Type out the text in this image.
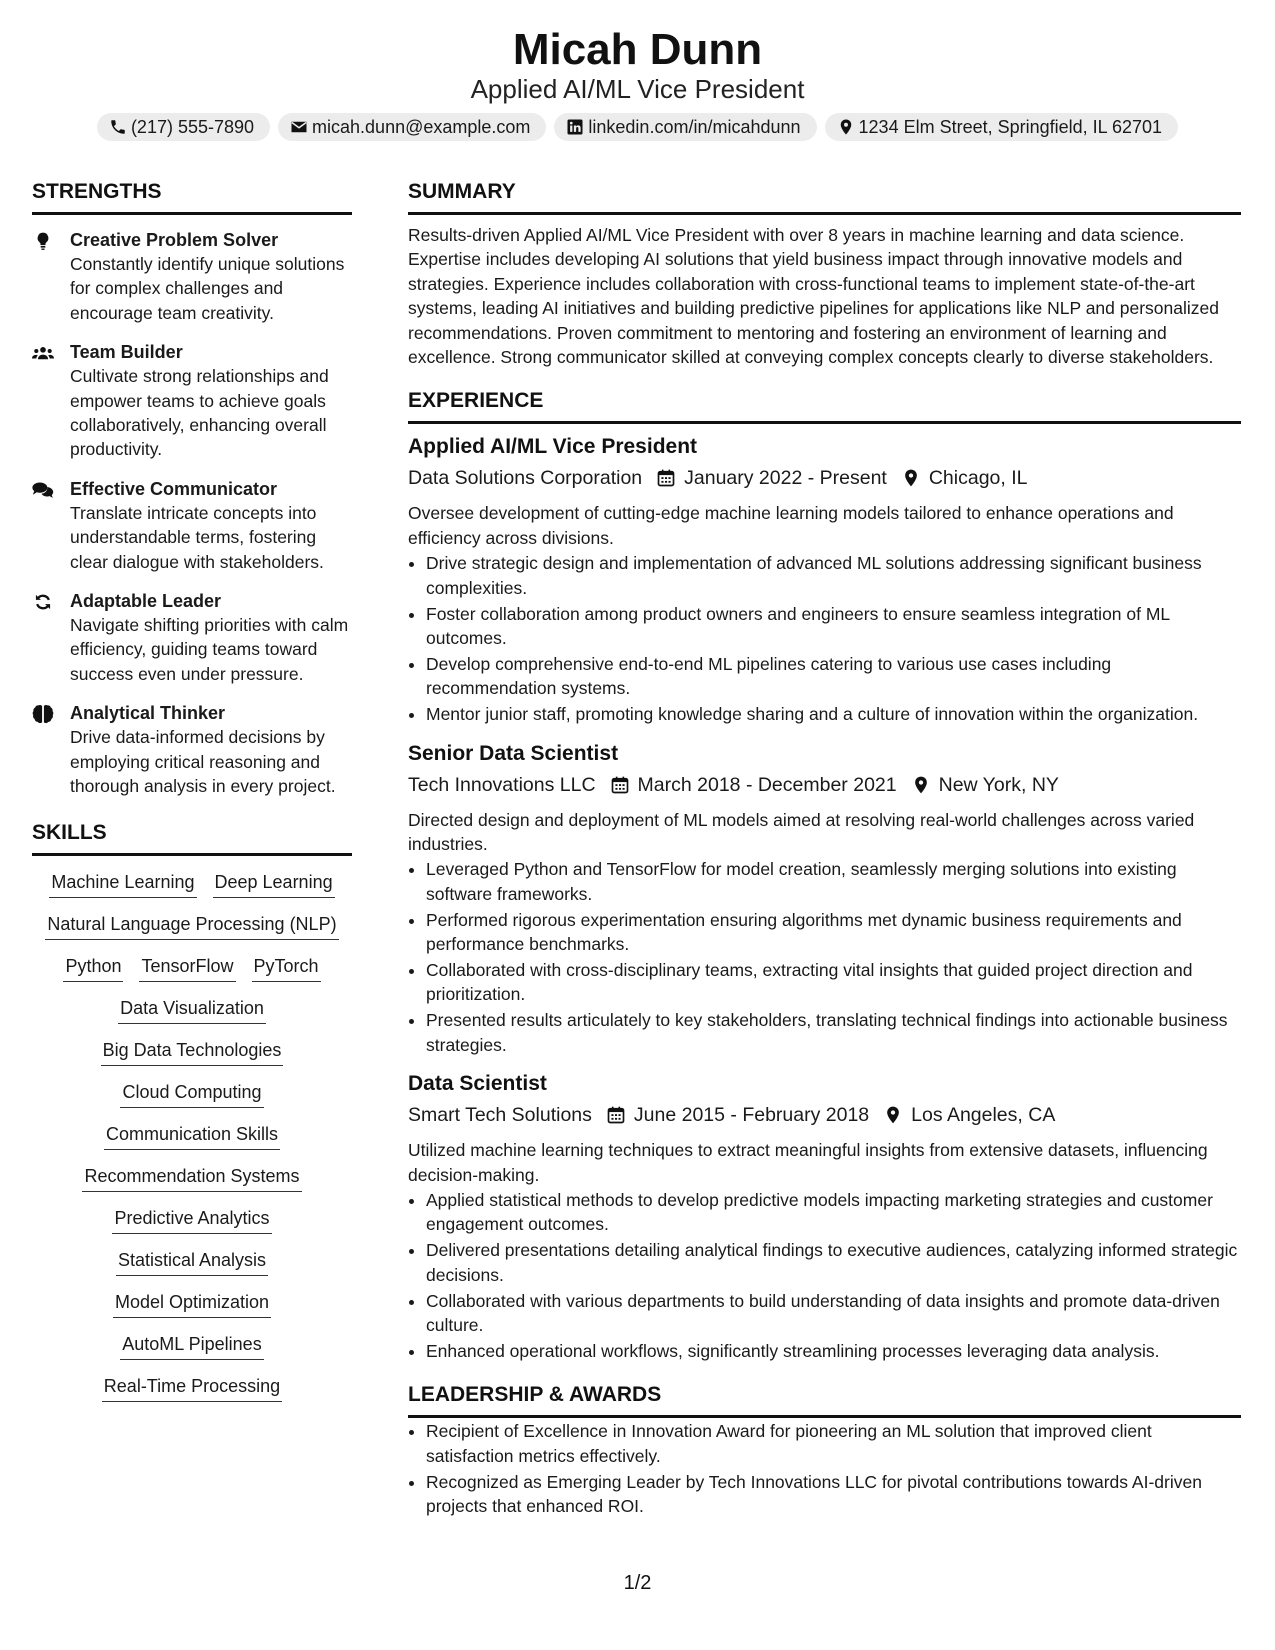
Micah Dunn
Applied AI/ML Vice President
(217) 555-7890	micah.dunn@example.com	linkedin.com/in/micahdunn	1234 Elm Street, Springfield, IL 62701
STRENGTHS
Creative Problem Solver
Constantly identify unique solutions for complex challenges and encourage team creativity.
Team Builder
Cultivate strong relationships and empower teams to achieve goals collaboratively, enhancing overall productivity.
Effective Communicator
Translate intricate concepts into understandable terms, fostering clear dialogue with stakeholders.
Adaptable Leader
Navigate shifting priorities with calm efficiency, guiding teams toward success even under pressure.
Analytical Thinker
Drive data-informed decisions by employing critical reasoning and thorough analysis in every project.
SKILLS
Machine Learning Deep Learning
Natural Language Processing (NLP)
Python TensorFlow PyTorch
Data Visualization
Big Data Technologies
Cloud Computing
Communication Skills
Recommendation Systems
Predictive Analytics
Statistical Analysis
Model Optimization
AutoML Pipelines
Real-Time Processing
SUMMARY

Results-driven Applied AI/ML Vice President with over 8 years in machine learning and data science. Expertise includes developing AI solutions that yield business impact through innovative models and strategies. Experience includes collaboration with cross-functional teams to implement state-of-the-art systems, leading AI initiatives and building predictive pipelines for applications like NLP and personalized recommendations. Proven commitment to mentoring and fostering an environment of learning and excellence. Strong communicator skilled at conveying complex concepts clearly to diverse stakeholders.

EXPERIENCE
Applied AI/ML Vice President
Data Solutions Corporation January 2022 - Present Chicago, IL
Oversee development of cutting-edge machine learning models tailored to enhance operations and efficiency across divisions.
• Drive strategic design and implementation of advanced ML solutions addressing significant business complexities.
• Foster collaboration among product owners and engineers to ensure seamless integration of ML outcomes.
• Develop comprehensive end-to-end ML pipelines catering to various use cases including recommendation systems.
• Mentor junior staff, promoting knowledge sharing and a culture of innovation within the organization.
Senior Data Scientist
Tech Innovations LLC March 2018 - December 2021 New York, NY
Directed design and deployment of ML models aimed at resolving real-world challenges across varied industries.
• Leveraged Python and TensorFlow for model creation, seamlessly merging solutions into existing software frameworks.
• Performed rigorous experimentation ensuring algorithms met dynamic business requirements and performance benchmarks.
• Collaborated with cross-disciplinary teams, extracting vital insights that guided project direction and prioritization.
• Presented results articulately to key stakeholders, translating technical findings into actionable business strategies.
Data Scientist
Smart Tech Solutions June 2015 - February 2018 Los Angeles, CA
Utilized machine learning techniques to extract meaningful insights from extensive datasets, influencing decision-making.
• Applied statistical methods to develop predictive models impacting marketing strategies and customer engagement outcomes.
• Delivered presentations detailing analytical findings to executive audiences, catalyzing informed strategic decisions.
• Collaborated with various departments to build understanding of data insights and promote data-driven culture.
• Enhanced operational workflows, significantly streamlining processes leveraging data analysis.
LEADERSHIP & AWARDS
• Recipient of Excellence in Innovation Award for pioneering an ML solution that improved client satisfaction metrics effectively.
• Recognized as Emerging Leader by Tech Innovations LLC for pivotal contributions towards AI-driven projects that enhanced ROI.
1/2
